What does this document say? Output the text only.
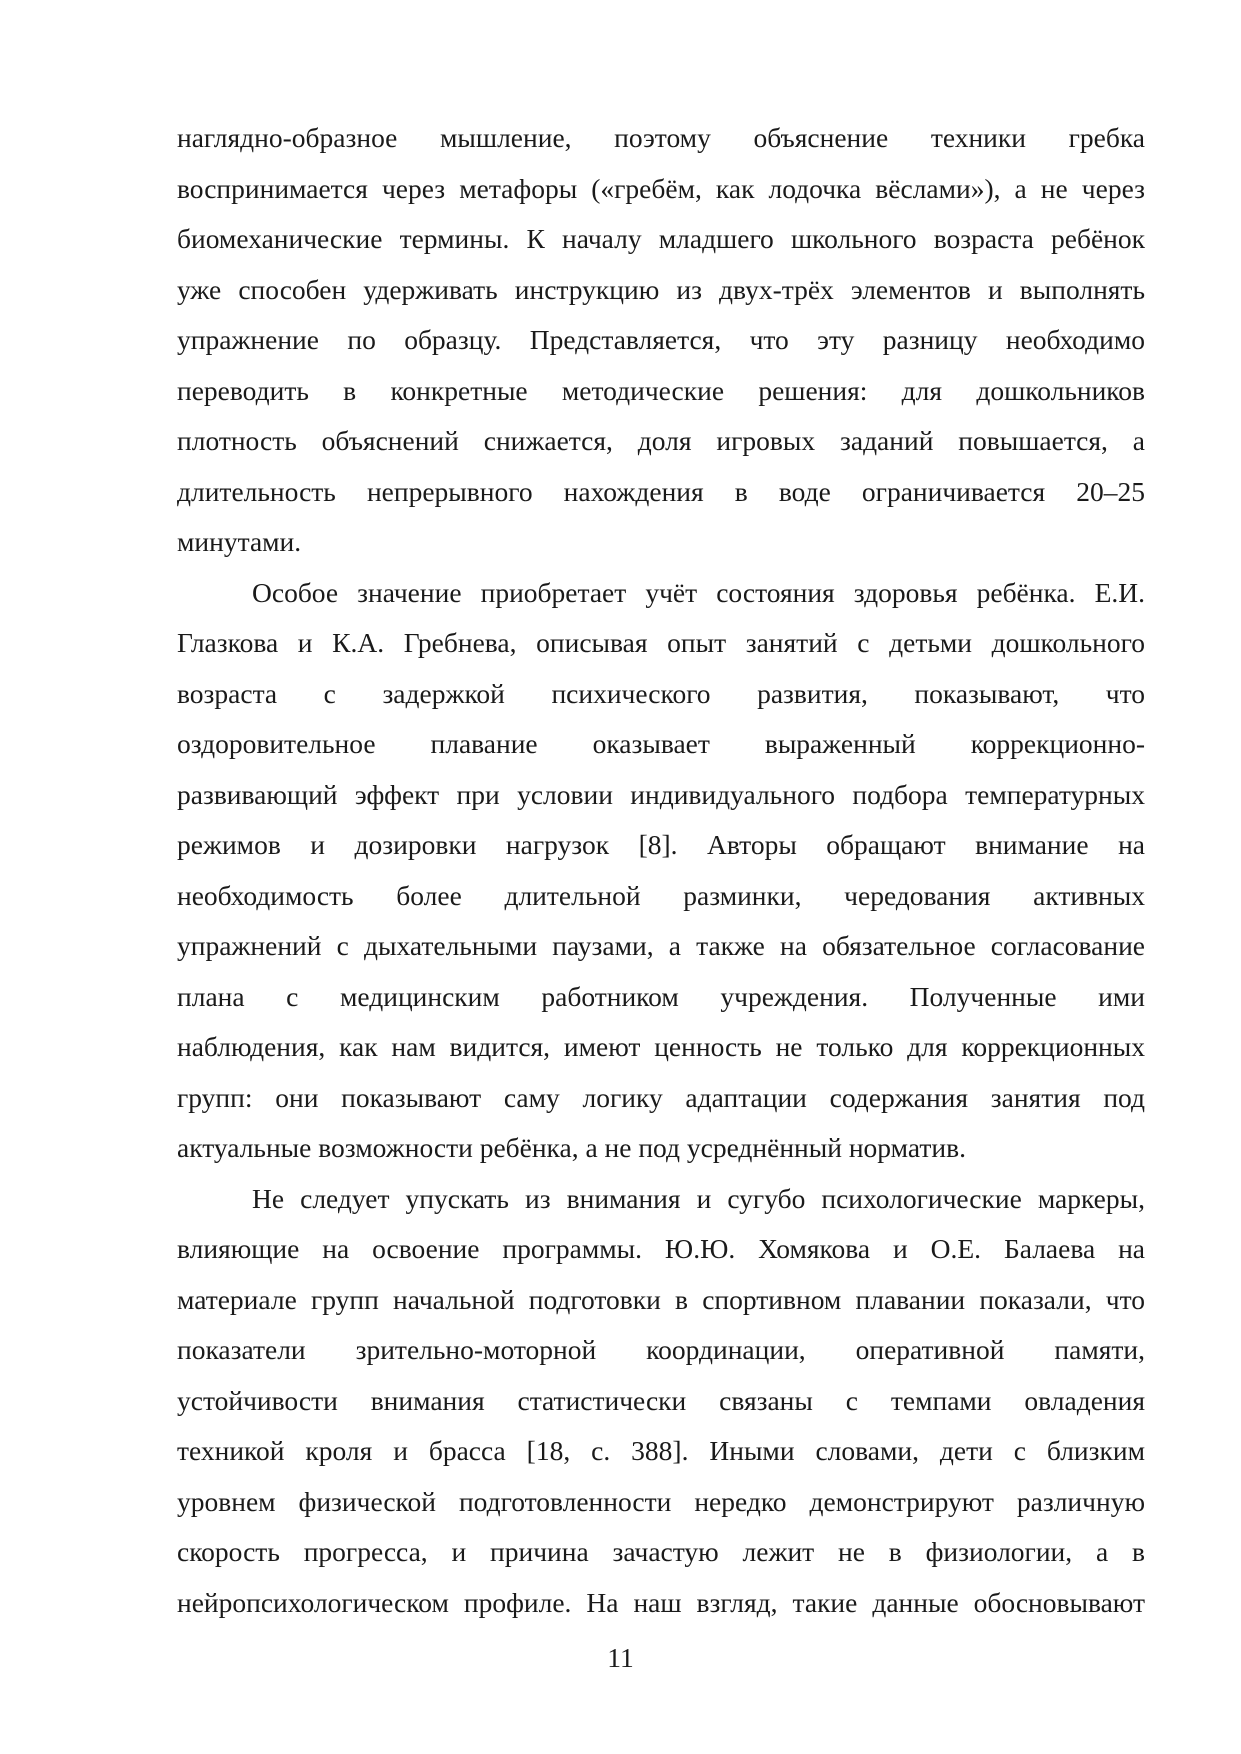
наглядно-образное мышление, поэтому объяснение техники гребка
воспринимается через метафоры («гребём, как лодочка вёслами»), а не через
биомеханические термины. К началу младшего школьного возраста ребёнок
уже способен удерживать инструкцию из двух-трёх элементов и выполнять
упражнение по образцу. Представляется, что эту разницу необходимо
переводить в конкретные методические решения: для дошкольников
плотность объяснений снижается, доля игровых заданий повышается, а
длительность непрерывного нахождения в воде ограничивается 20–25
минутами.
Особое значение приобретает учёт состояния здоровья ребёнка. Е.И.
Глазкова и К.А. Гребнева, описывая опыт занятий с детьми дошкольного
возраста с задержкой психического развития, показывают, что
оздоровительное плавание оказывает выраженный коррекционно-
развивающий эффект при условии индивидуального подбора температурных
режимов и дозировки нагрузок [8]. Авторы обращают внимание на
необходимость более длительной разминки, чередования активных
упражнений с дыхательными паузами, а также на обязательное согласование
плана с медицинским работником учреждения. Полученные ими
наблюдения, как нам видится, имеют ценность не только для коррекционных
групп: они показывают саму логику адаптации содержания занятия под
актуальные возможности ребёнка, а не под усреднённый норматив.
Не следует упускать из внимания и сугубо психологические маркеры,
влияющие на освоение программы. Ю.Ю. Хомякова и О.Е. Балаева на
материале групп начальной подготовки в спортивном плавании показали, что
показатели зрительно-моторной координации, оперативной памяти,
устойчивости внимания статистически связаны с темпами овладения
техникой кроля и брасса [18, с. 388]. Иными словами, дети с близким
уровнем физической подготовленности нередко демонстрируют различную
скорость прогресса, и причина зачастую лежит не в физиологии, а в
нейропсихологическом профиле. На наш взгляд, такие данные обосновывают
11
